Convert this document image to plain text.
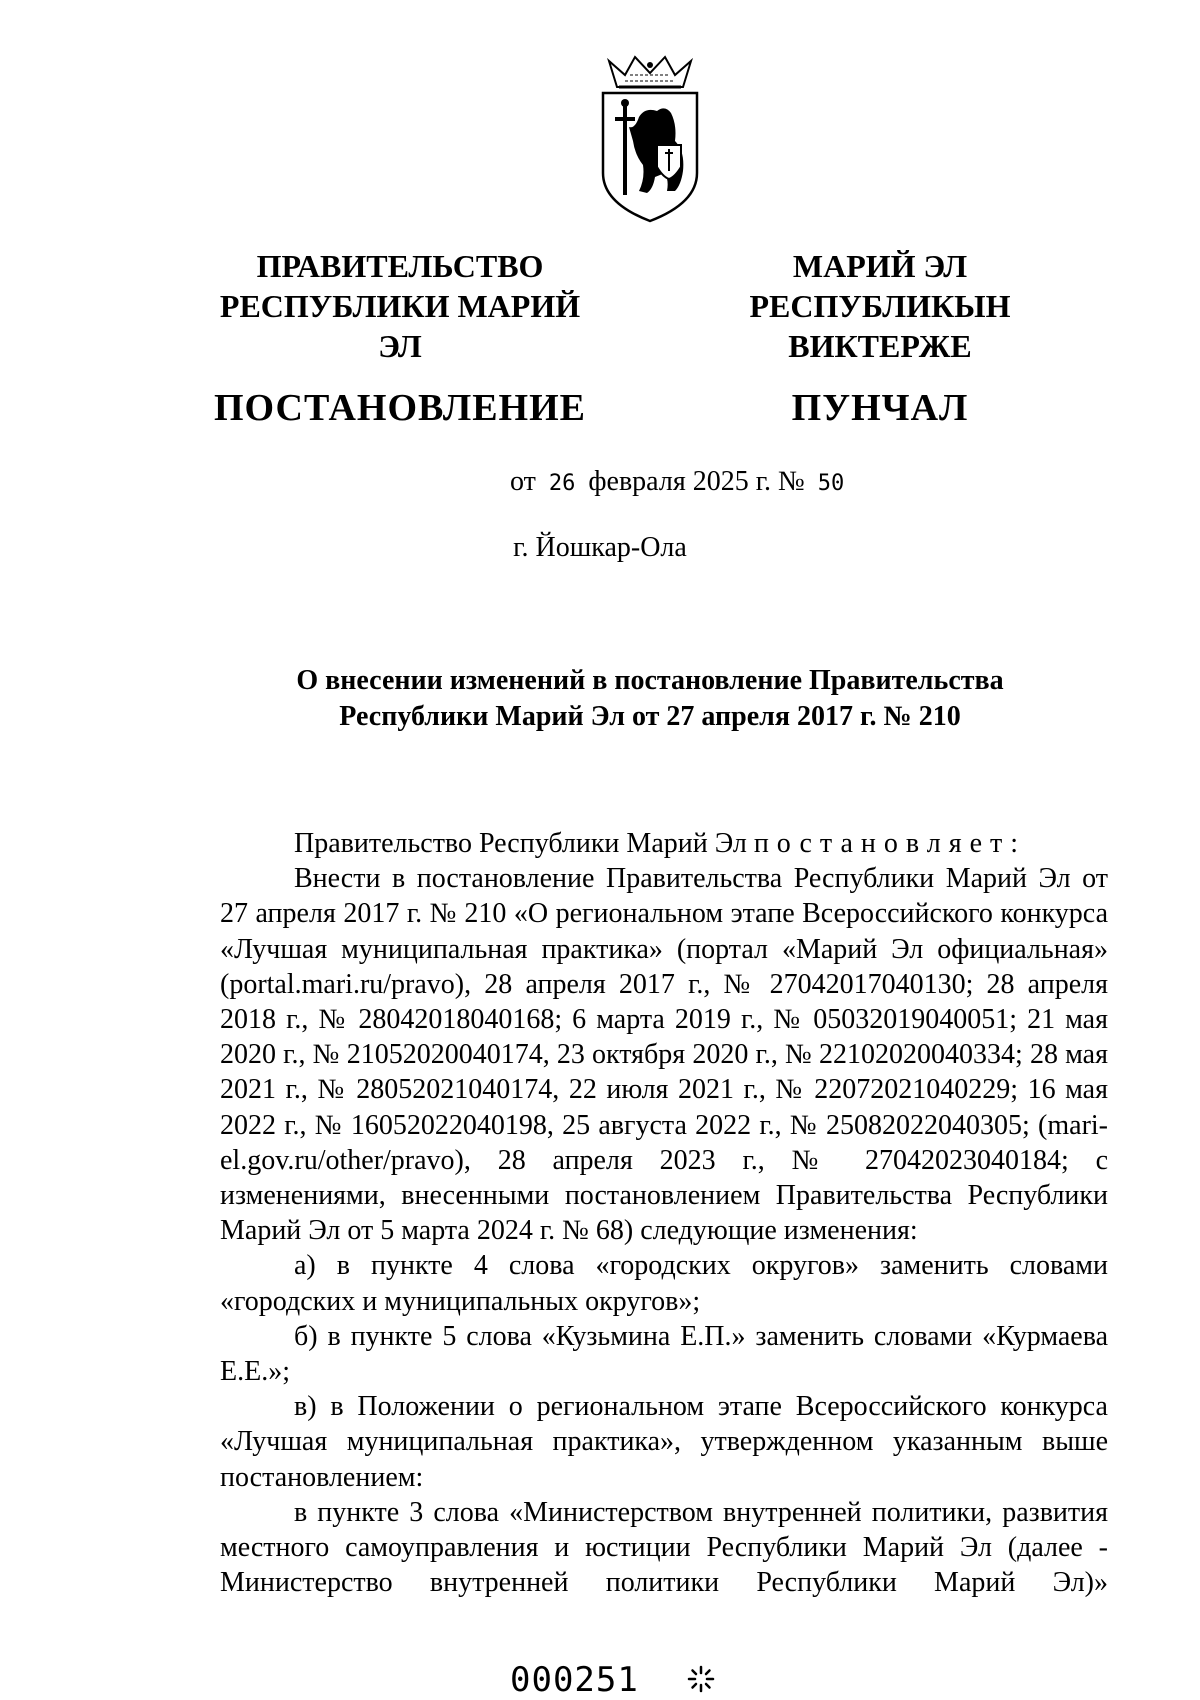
ПРАВИТЕЛЬСТВО
РЕСПУБЛИКИ МАРИЙ ЭЛ
ПОСТАНОВЛЕНИЕ
МАРИЙ ЭЛ РЕСПУБЛИКЫН
ВИКТЕРЖЕ
ПУНЧАЛ
от 26 февраля 2025 г. № 50
г. Йошкар-Ола
О внесении изменений в постановление Правительства
Республики Марий Эл от 27 апреля 2017 г. № 210

Правительство Республики Марий Эл постановляет:

Внести в постановление Правительства Республики Марий Эл от 27 апреля 2017 г. № 210 «О региональном этапе Всероссийского конкурса «Лучшая муниципальная практика» (портал «Марий Эл официальная» (portal.mari.ru/pravo), 28 апреля 2017 г., № 27042017040130; 28 апреля 2018 г., № 28042018040168; 6 марта 2019 г., № 05032019040051; 21 мая 2020 г., № 21052020040174, 23 октября 2020 г., № 22102020040334; 28 мая 2021 г., № 28052021040174, 22 июля 2021 г., № 22072021040229; 16 мая 2022 г., № 16052022040198, 25 августа 2022 г., № 25082022040305; (mari-el.gov.ru/other/pravo), 28 апреля 2023 г., № 27042023040184; с изменениями, внесенными постановлением Правительства Республики Марий Эл от 5 марта 2024 г. № 68) следующие изменения:

а) в пункте 4 слова «городских округов» заменить словами «городских и муниципальных округов»;

б) в пункте 5 слова «Кузьмина Е.П.» заменить словами «Курмаева Е.Е.»;

в) в Положении о региональном этапе Всероссийского конкурса «Лучшая муниципальная практика», утвержденном указанным выше постановлением:

в пункте 3 слова «Министерством внутренней политики, развития местного самоуправления и юстиции Республики Марий Эл (далее - Министерство внутренней политики Республики Марий Эл)»

000251
